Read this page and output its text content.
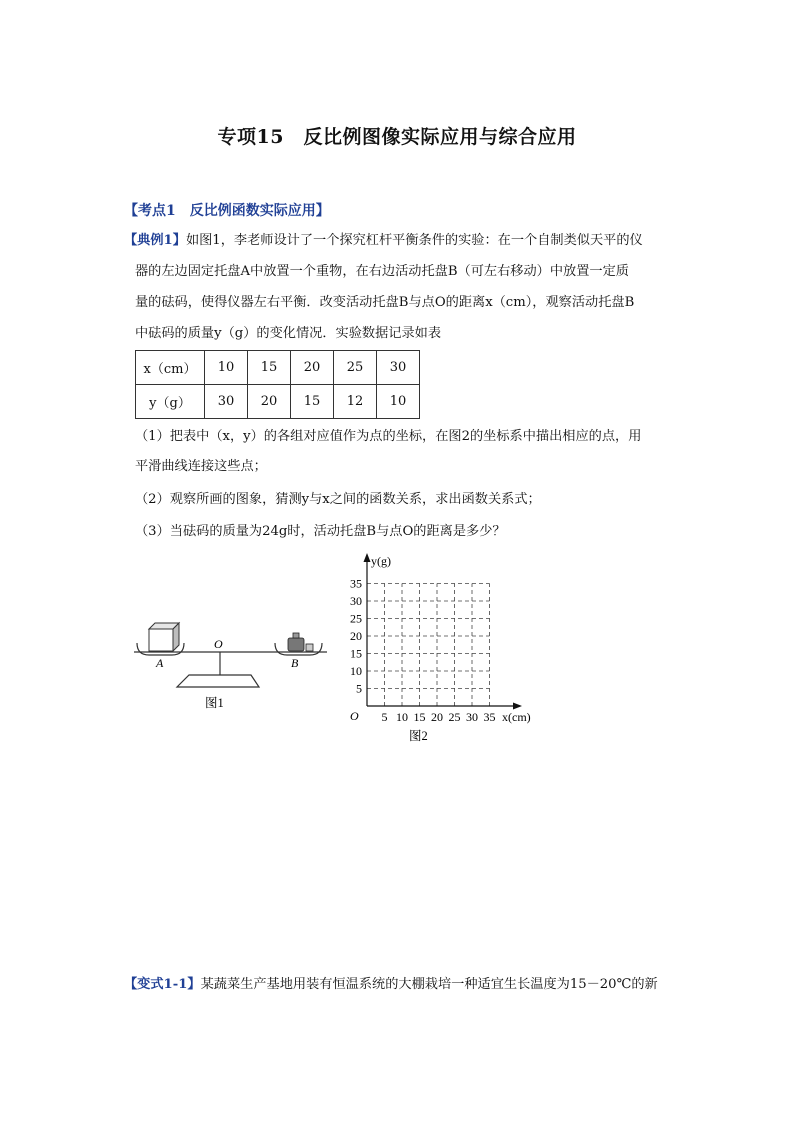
专项15　反比例图像实际应用与综合应用
【考点1 反比例函数实际应用】
【典例1】如图1，李老师设计了一个探究杠杆平衡条件的实验：在一个自制类似天平的仪
器的左边固定托盘A中放置一个重物，在右边活动托盘B（可左右移动）中放置一定质
量的砝码，使得仪器左右平衡．改变活动托盘B与点O的距离x（cm），观察活动托盘B
中砝码的质量y（g）的变化情况．实验数据记录如表
x（cm）	10	15	20	25	30
y（g）	30	20	15	12	10
（1）把表中（x，y）的各组对应值作为点的坐标，在图2的坐标系中描出相应的点，用
平滑曲线连接这些点；
（2）观察所画的图象，猜测y与x之间的函数关系，求出函数关系式；
（3）当砝码的质量为24g时，活动托盘B与点O的距离是多少？
A
O
B
图1
5
10
15
20
25
30
35
5 10 15 20 25 30 35
y(g)
x(cm)
O
图2
【变式1-1】某蔬菜生产基地用装有恒温系统的大棚栽培一种适宜生长温度为15－20℃的新
